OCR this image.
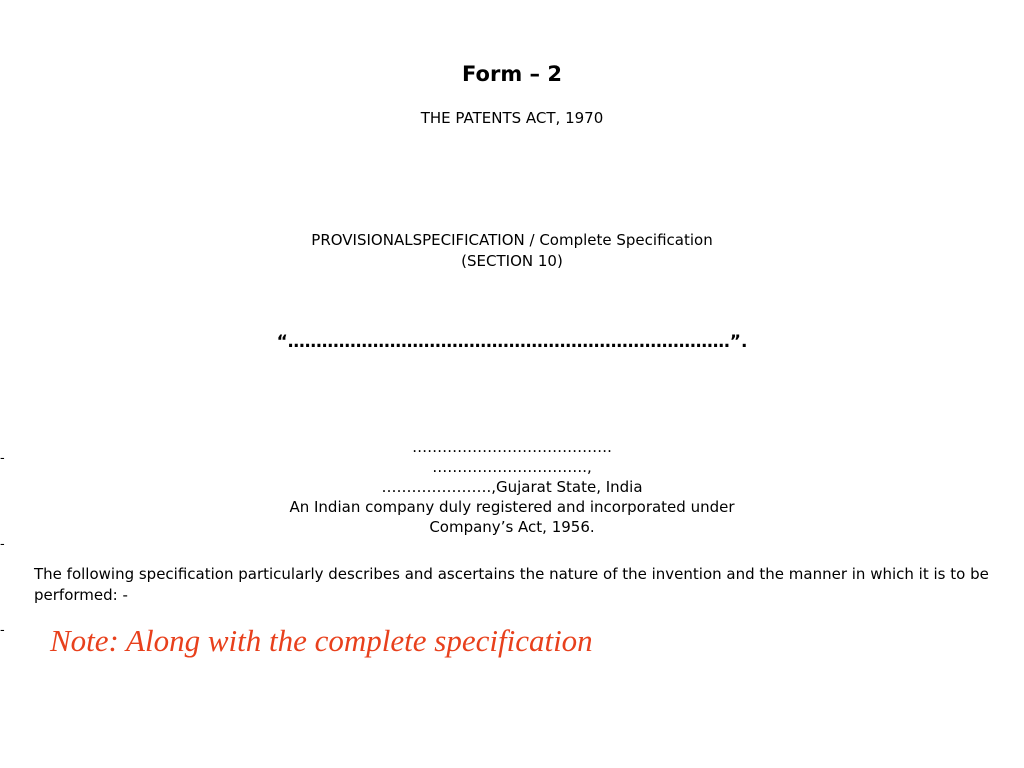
Form – 2
THE PATENTS ACT, 1970
PROVISIONALSPECIFICATION / Complete Specification
(SECTION 10)
“……………………………………………………………………”.
………………………………….
………………………….,
………………….,Gujarat State, India
An Indian company duly registered and incorporated under
Company’s Act, 1956.
-
-
-
The following specification particularly describes and ascertains the nature of the invention and the manner in which it is to be performed: -
Note: Along with the complete specification
